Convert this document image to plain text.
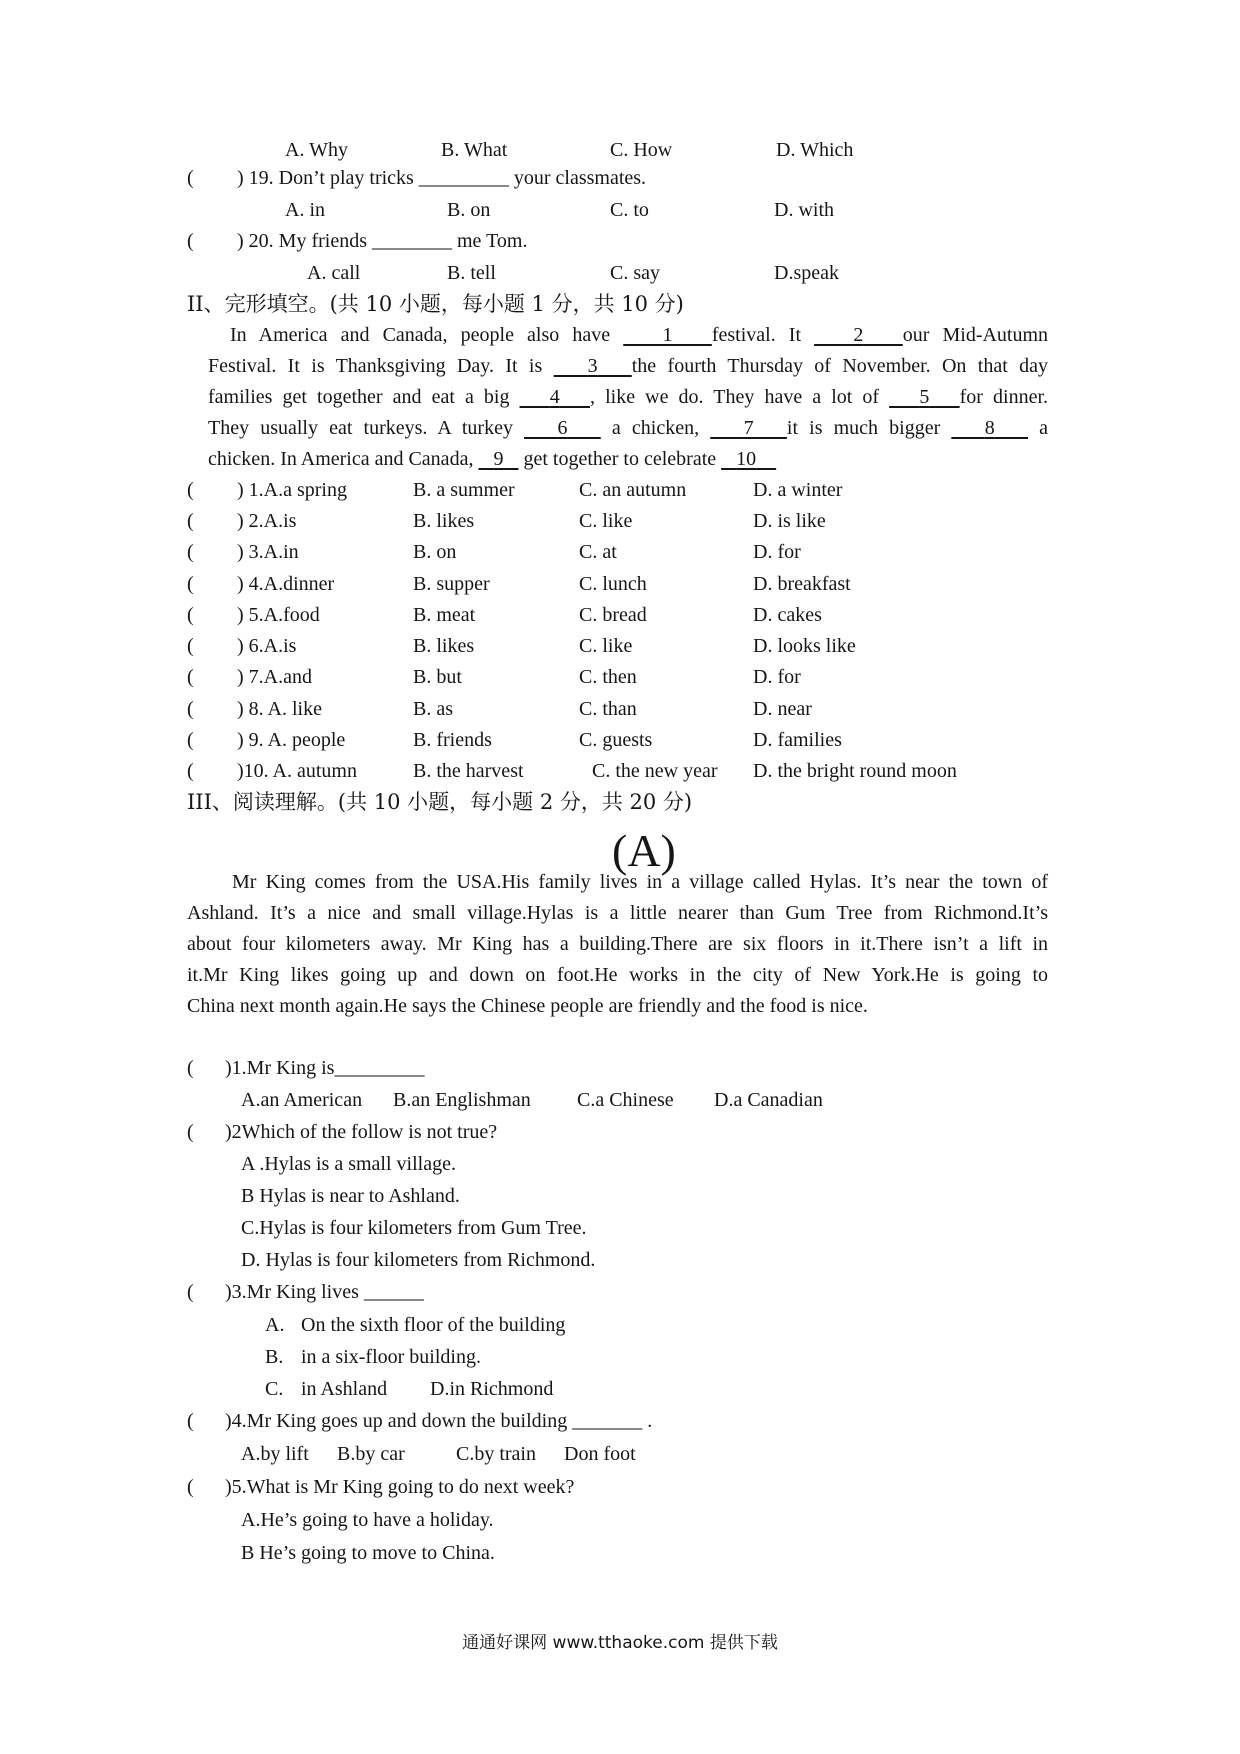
A. Why	B. What	C. How	D. Which
( ) 19. Don’t play tricks _________ your classmates.
A. in	B. on	C. to	D. with
( ) 20. My friends ________ me Tom.
A. call	B. tell	C. say	D.speak
II、完形填空。(共 10 小题，每小题 1 分，共 10 分)
In America and Canada, people also have	1 festival. It	2 our Mid-Autumn
Festival. It is Thanksgiving Day. It is 3 the fourth Thursday of November. On that day
families get together and eat a big 4 , like we do. They have a lot of 5 for dinner.
They usually eat turkeys. A turkey 6 a chicken, 7 it is much bigger 8 a
chicken. In America and Canada, 9 get together to celebrate 10
( ) 1.A.a spring	B. a summer	C. an autumn	D. a winter
( ) 2.A.is	B. likes	C. like	D. is like
( ) 3.A.in	B. on	C. at	D. for
( ) 4.A.dinner	B. supper	C. lunch	D. breakfast
( ) 5.A.food	B. meat	C. bread	D. cakes
( ) 6.A.is	B. likes	C. like	D. looks like
( ) 7.A.and	B. but	C. then	D. for
( ) 8. A. like	B. as	C. than	D. near
( ) 9. A. people	B. friends	C. guests	D. families
( )10. A. autumn	B. the harvest	C. the new year D. the bright round moon
III、阅读理解。(共 10 小题，每小题 2 分，共 20 分)
(A)
Mr King comes from the USA.His family lives in a village called Hylas. It’s near the town of
Ashland. It’s a nice and small village.Hylas is a little nearer than Gum Tree from Richmond.It’s
about four kilometers away. Mr King has a building.There are six floors in it.There isn’t a lift in
it.Mr King likes going up and down on foot.He works in the city of New York.He is going to
China next month again.He says the Chinese people are friendly and the food is nice.
( )1.Mr King is_________
A.an American B.an Englishman C.a Chinese D.a Canadian
( )2Which of the follow is not true?
A .Hylas is a small village.
B Hylas is near to Ashland.
C.Hylas is four kilometers from Gum Tree.
D. Hylas is four kilometers from Richmond.
( )3.Mr King lives ______
A. On the sixth floor of the building
B. in a six-floor building.
C. in Ashland D.in Richmond
( )4.Mr King goes up and down the building _______ .
A.by lift B.by car	C.by train Don foot
( )5.What is Mr King going to do next week?
A.He’s going to have a holiday.
B He’s going to move to China.
通通好课网 www.tthaoke.com 提供下载
